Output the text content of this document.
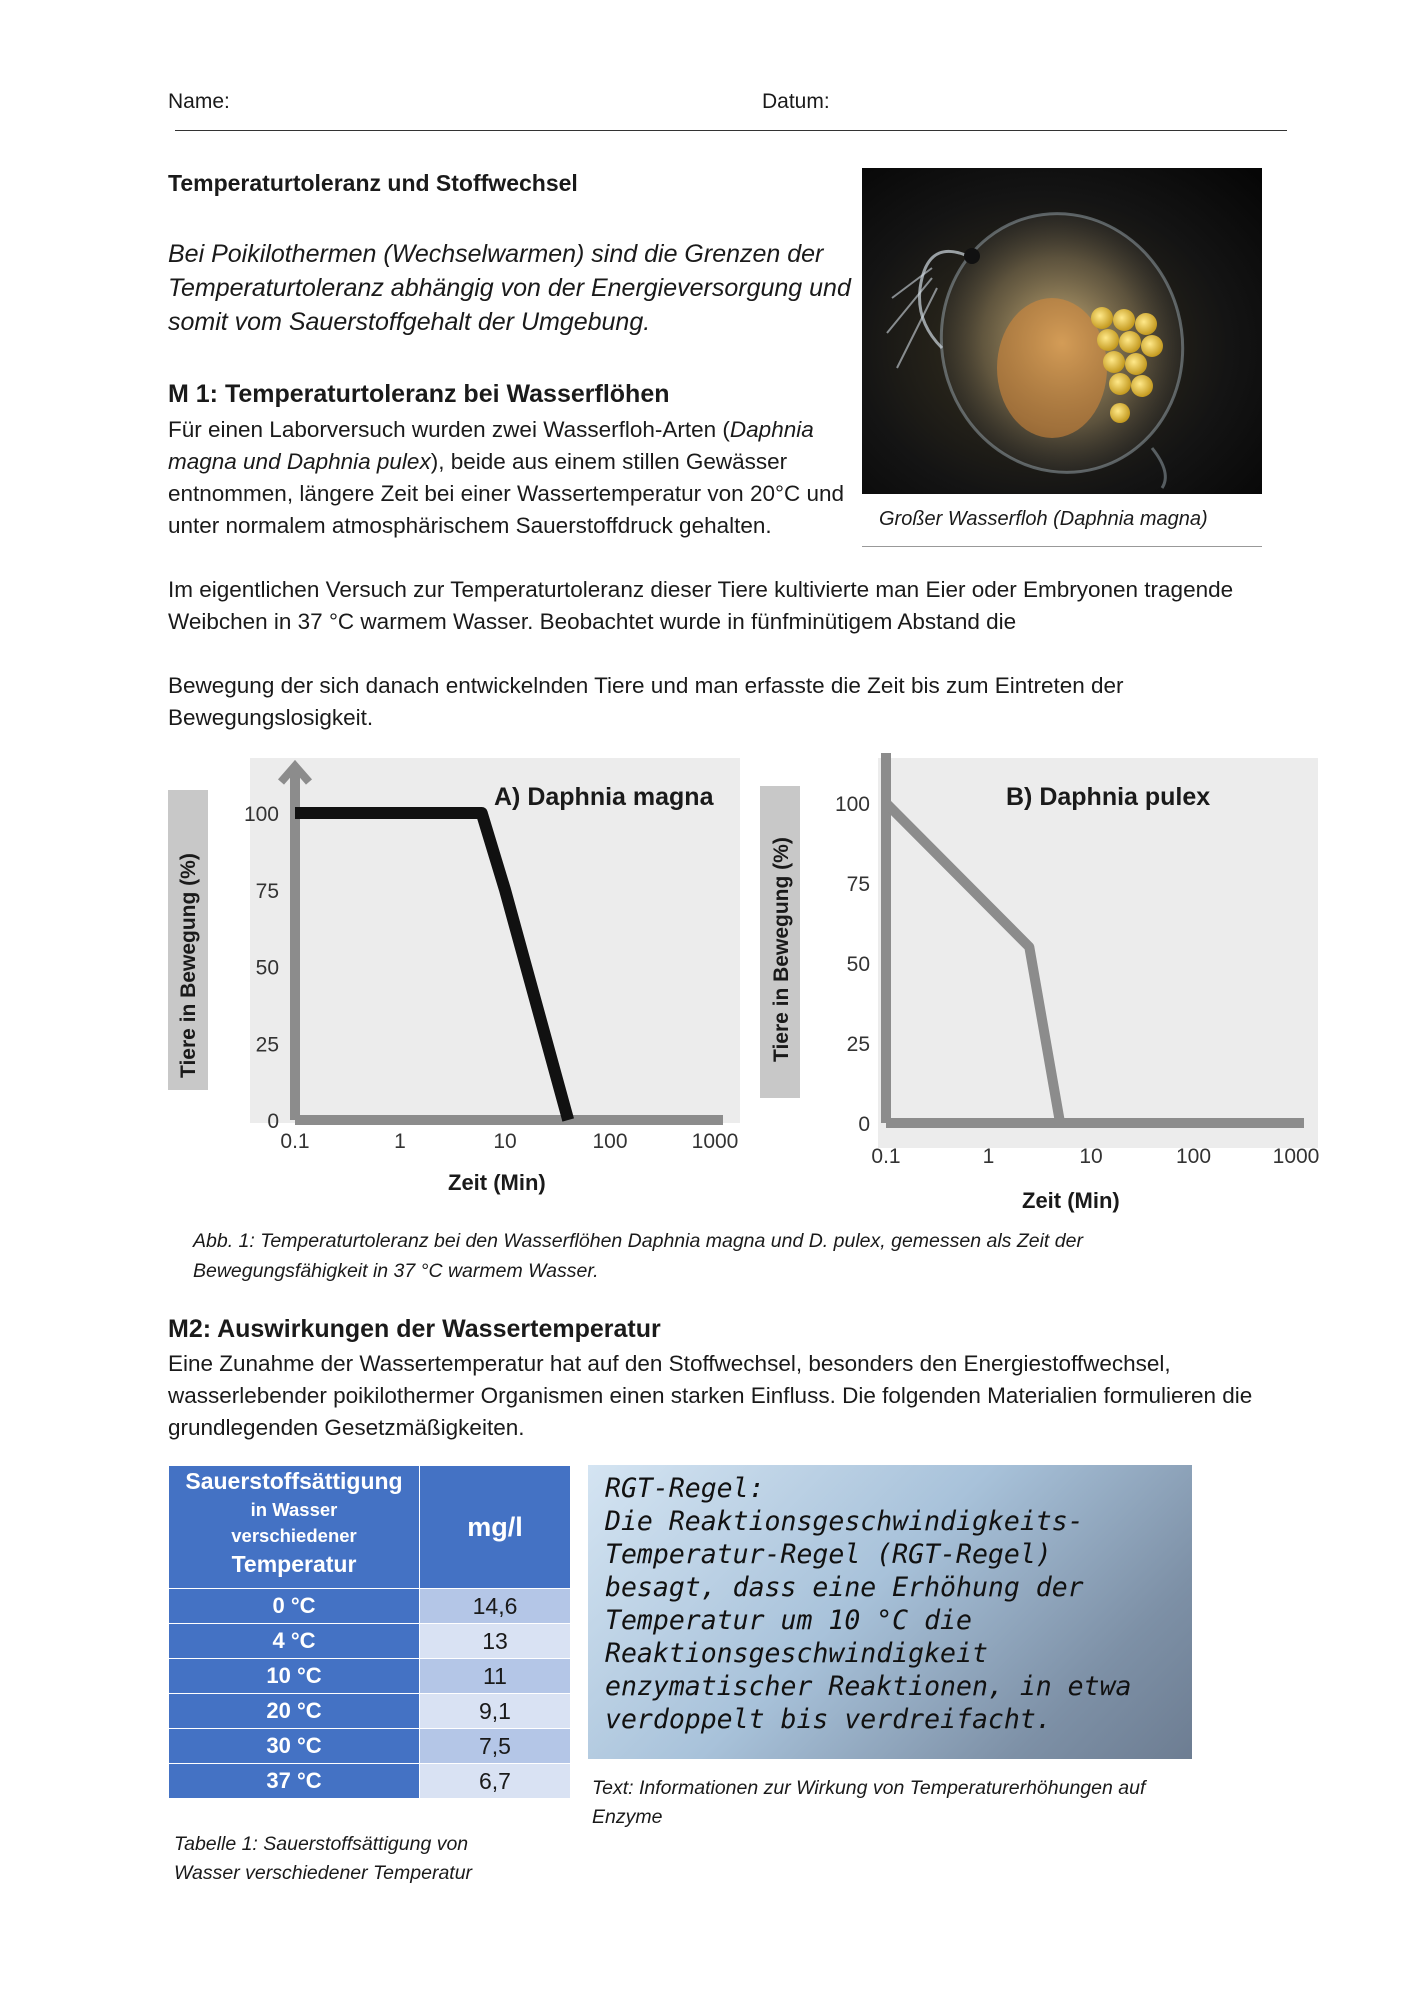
Name:	Datum:
Temperaturtoleranz und Stoffwechsel
Bei Poikilothermen (Wechselwarmen) sind die Grenzen der Temperaturtoleranz abhängig von der Energieversorgung und somit vom Sauerstoffgehalt der Umgebung.
M 1: Temperaturtoleranz bei Wasserflöhen
Für einen Laborversuch wurden zwei Wasserfloh-Arten (Daphnia magna und Daphnia pulex), beide aus einem stillen Gewässer entnommen, längere Zeit bei einer Wassertemperatur von 20°C und unter normalem atmosphärischem Sauerstoffdruck gehalten.
Im eigentlichen Versuch zur Temperaturtoleranz dieser Tiere kultivierte man Eier oder Embryonen tragende Weibchen in 37 °C warmem Wasser. Beobachtet wurde in fünfminütigem Abstand die
Bewegung der sich danach entwickelnden Tiere und man erfasste die Zeit bis zum Eintreten der Bewegungslosigkeit.
Großer Wasserfloh (Daphnia magna)
Tiere in Bewegung (%)
0
25
50
75
100
0.1	1	10	100	1000
A) Daphnia magna
Zeit (Min)
Tiere in Bewegung (%)
0
25
50
75
100
0.1	1	10	100	1000
B) Daphnia pulex
Zeit (Min)
Abb. 1: Temperaturtoleranz bei den Wasserflöhen Daphnia magna und D. pulex, gemessen als Zeit der Bewegungsfähigkeit in 37 °C warmem Wasser.
M2: Auswirkungen der Wassertemperatur
Eine Zunahme der Wassertemperatur hat auf den Stoffwechsel, besonders den Energiestoffwechsel, wasserlebender poikilothermer Organismen einen starken Einfluss. Die folgenden Materialien formulieren die grundlegenden Gesetzmäßigkeiten.
Sauerstoffsättigung
in Wasser
verschiedener
Temperatur	mg/l
0 °C	14,6
4 °C	13
10 °C	11
20 °C	9,1
30 °C	7,5
37 °C	6,7
Tabelle 1: Sauerstoffsättigung von Wasser verschiedener Temperatur
RGT-Regel:
Die Reaktionsgeschwindigkeits-
Temperatur-Regel (RGT-Regel)
besagt, dass eine Erhöhung der
Temperatur um 10 °C die
Reaktionsgeschwindigkeit
enzymatischer Reaktionen, in etwa
verdoppelt bis verdreifacht.
Text: Informationen zur Wirkung von Temperaturerhöhungen auf Enzyme
